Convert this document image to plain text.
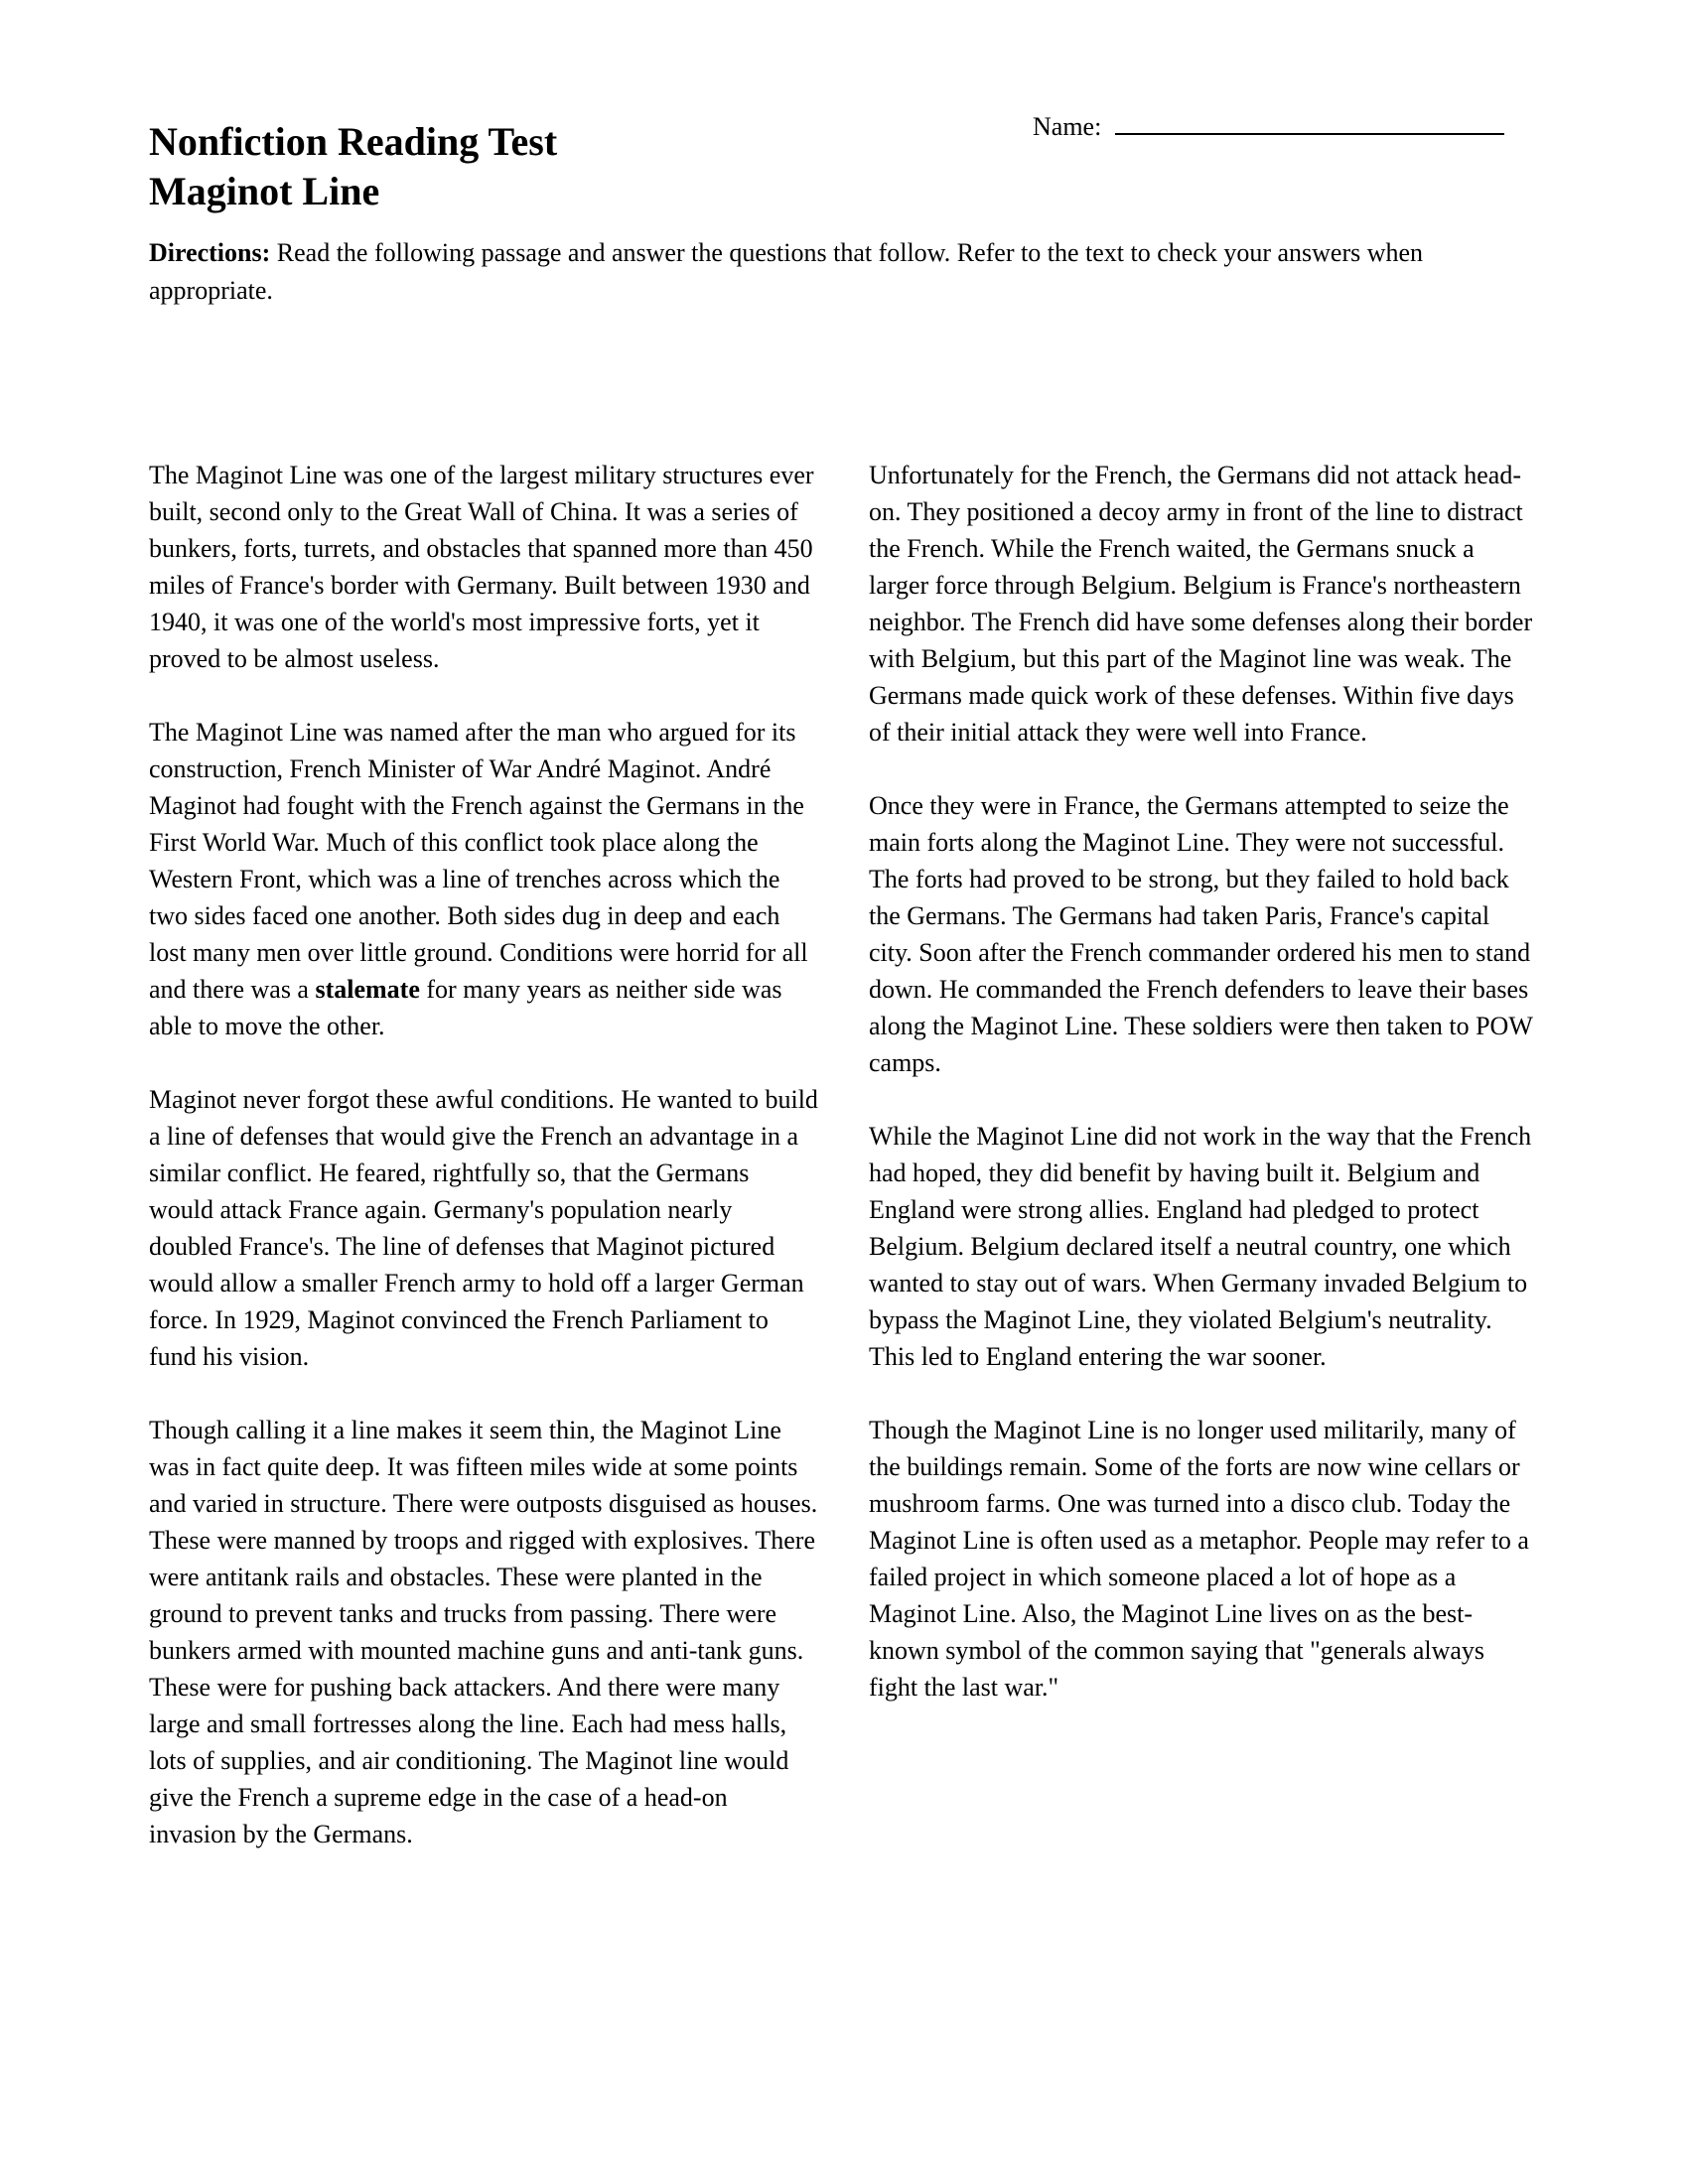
Name:
Nonfiction Reading Test
Maginot Line
Directions: Read the following passage and answer the questions that follow. Refer to the text to check your answers when appropriate.

The Maginot Line was one of the largest military structures ever built, second only to the Great Wall of China. It was a series of bunkers, forts, turrets, and obstacles that spanned more than 450 miles of France's border with Germany. Built between 1930 and 1940, it was one of the world's most impressive forts, yet it proved to be almost useless.

The Maginot Line was named after the man who argued for its construction, French Minister of War André Maginot. André Maginot had fought with the French against the Germans in the First World War. Much of this conflict took place along the Western Front, which was a line of trenches across which the two sides faced one another. Both sides dug in deep and each lost many men over little ground. Conditions were horrid for all and there was a stalemate for many years as neither side was able to move the other.

Maginot never forgot these awful conditions. He wanted to build a line of defenses that would give the French an advantage in a similar conflict. He feared, rightfully so, that the Germans would attack France again. Germany's population nearly doubled France's. The line of defenses that Maginot pictured would allow a smaller French army to hold off a larger German force. In 1929, Maginot convinced the French Parliament to fund his vision.

Though calling it a line makes it seem thin, the Maginot Line was in fact quite deep. It was fifteen miles wide at some points and varied in structure. There were outposts disguised as houses. These were manned by troops and rigged with explosives. There were antitank rails and obstacles. These were planted in the ground to prevent tanks and trucks from passing. There were bunkers armed with mounted machine guns and anti-tank guns. These were for pushing back attackers. And there were many large and small fortresses along the line. Each had mess halls, lots of supplies, and air conditioning. The Maginot line would give the French a supreme edge in the case of a head-on invasion by the Germans.

Unfortunately for the French, the Germans did not attack head-on. They positioned a decoy army in front of the line to distract the French. While the French waited, the Germans snuck a larger force through Belgium. Belgium is France's northeastern neighbor. The French did have some defenses along their border with Belgium, but this part of the Maginot line was weak. The Germans made quick work of these defenses. Within five days of their initial attack they were well into France.

Once they were in France, the Germans attempted to seize the main forts along the Maginot Line. They were not successful. The forts had proved to be strong, but they failed to hold back the Germans. The Germans had taken Paris, France's capital city. Soon after the French commander ordered his men to stand down. He commanded the French defenders to leave their bases along the Maginot Line. These soldiers were then taken to POW camps.

While the Maginot Line did not work in the way that the French had hoped, they did benefit by having built it. Belgium and England were strong allies. England had pledged to protect Belgium. Belgium declared itself a neutral country, one which wanted to stay out of wars. When Germany invaded Belgium to bypass the Maginot Line, they violated Belgium's neutrality. This led to England entering the war sooner.

Though the Maginot Line is no longer used militarily, many of the buildings remain. Some of the forts are now wine cellars or mushroom farms. One was turned into a disco club. Today the Maginot Line is often used as a metaphor. People may refer to a failed project in which someone placed a lot of hope as a Maginot Line. Also, the Maginot Line lives on as the best-known symbol of the common saying that "generals always fight the last war."
